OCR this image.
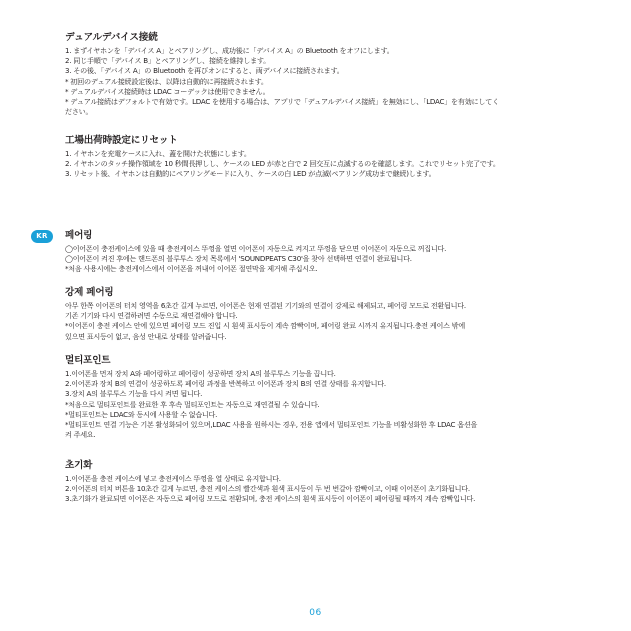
デュアルデバイス接続
1. まずイヤホンを「デバイス A」とペアリングし、成功後に「デバイス A」の Bluetooth をオフにします。
2. 同じ手順で「デバイス B」とペアリングし、接続を維持します。
3. その後、「デバイス A」の Bluetooth を再びオンにすると、両デバイスに接続されます。
* 初回のデュアル接続設定後は、以降は自動的に再接続されます。
* デュアルデバイス接続時は LDAC コーデックは使用できません。
* デュアル接続はデフォルトで有効です。LDAC を使用する場合は、アプリで「デュアルデバイス接続」を無効にし、「LDAC」を有効にしてく
ださい。
工場出荷時設定にリセット
1. イヤホンを充電ケースに入れ、蓋を開けた状態にします。
2. イヤホンのタッチ操作領域を 10 秒間長押しし、ケースの LED が赤と白で 2 回交互に点滅するのを確認します。これでリセット完了です。
3. リセット後、イヤホンは自動的にペアリングモードに入り、ケースの白 LED が点滅(ペアリング成功まで継続)します。
KR	페어링
◯이어폰이 충전케이스에 있을 때 충전케이스 뚜껑을 열면 이어폰이 자동으로 켜지고 뚜껑을 닫으면 이어폰이 자동으로 꺼집니다.
◯이어폰이 켜진 후에는 핸드폰의 블루투스 장치 목록에서 'SOUNDPEATS C30'을 찾아 선택하면 연결이 완료됩니다.
*처음 사용시에는 충전케이스에서 이어폰을 꺼내어 이어폰 절연막을 제거해 주십시오.
강제 페어링
아무 한쪽 이어폰의 터치 영역을 6초간 길게 누르면, 이어폰은 현재 연결된 기기와의 연결이 강제로 해제되고, 페어링 모드로 전환됩니다.
기존 기기와 다시 연결하려면 수동으로 재연결해야 합니다.
*이어폰이 충전 케이스 안에 있으면 페어링 모드 진입 시 흰색 표시등이 계속 깜빡이며, 페어링 완료 시까지 유지됩니다.충전 케이스 밖에
있으면 표시등이 없고, 음성 안내로 상태를 알려줍니다.
멀티포인트
1.이어폰을 먼저 장치 A와 페어링하고 페어링이 성공하면 장치 A의 블루투스 기능을 끕니다.
2.이어폰과 장치 B의 연결이 성공하도록 페어링 과정을 반복하고 이어폰과 장치 B의 연결 상태를 유지합니다.
3.장치 A의 블루투스 기능을 다시 켜면 됩니다.
*처음으로 멀티포인트를 완료한 후 후속 멀티포인트는 자동으로 재연결될 수 있습니다.
*멀티포인트는 LDAC와 동시에 사용할 수 없습니다.
*멀티포인트 연결 기능은 기본 활성화되어 있으며,LDAC 사용을 원하시는 경우, 전용 앱에서 멀티포인트 기능을 비활성화한 후 LDAC 옵션을
켜 주세요.
초기화
1.이어폰을 충전 케이스에 넣고 충전케이스 뚜껑을 열 상태로 유지합니다.
2.이어폰의 터치 버튼을 10초간 길게 누르면, 충전 케이스의 빨간색과 흰색 표시등이 두 번 번갈아 깜빡이고, 이때 이어폰이 초기화됩니다.
3.초기화가 완료되면 이어폰은 자동으로 페어링 모드로 전환되며, 충전 케이스의 흰색 표시등이 이어폰이 페어링될 때까지 계속 깜빡입니다.
06
